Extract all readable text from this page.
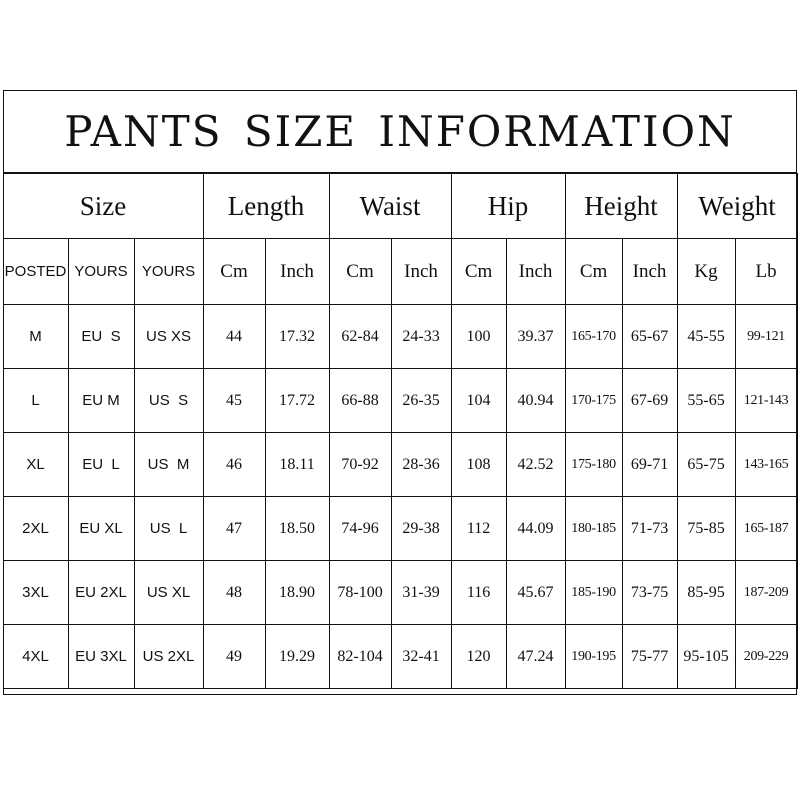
PANTS SIZE INFORMATION
Size			Length		Waist		Hip		Height		Weight	
POSTED	YOURS	YOURS	Cm	Inch	Cm	Inch	Cm	Inch	Cm	Inch	Kg	Lb
M	EU  S	US XS	44	17.32	62-84	24-33	100	39.37	165-170	65-67	45-55	99-121
L	EU M	US  S	45	17.72	66-88	26-35	104	40.94	170-175	67-69	55-65	121-143
XL	EU  L	US  M	46	18.11	70-92	28-36	108	42.52	175-180	69-71	65-75	143-165
2XL	EU XL	US  L	47	18.50	74-96	29-38	112	44.09	180-185	71-73	75-85	165-187
3XL	EU 2XL	US XL	48	18.90	78-100	31-39	116	45.67	185-190	73-75	85-95	187-209
4XL	EU 3XL	US 2XL	49	19.29	82-104	32-41	120	47.24	190-195	75-77	95-105	209-229
